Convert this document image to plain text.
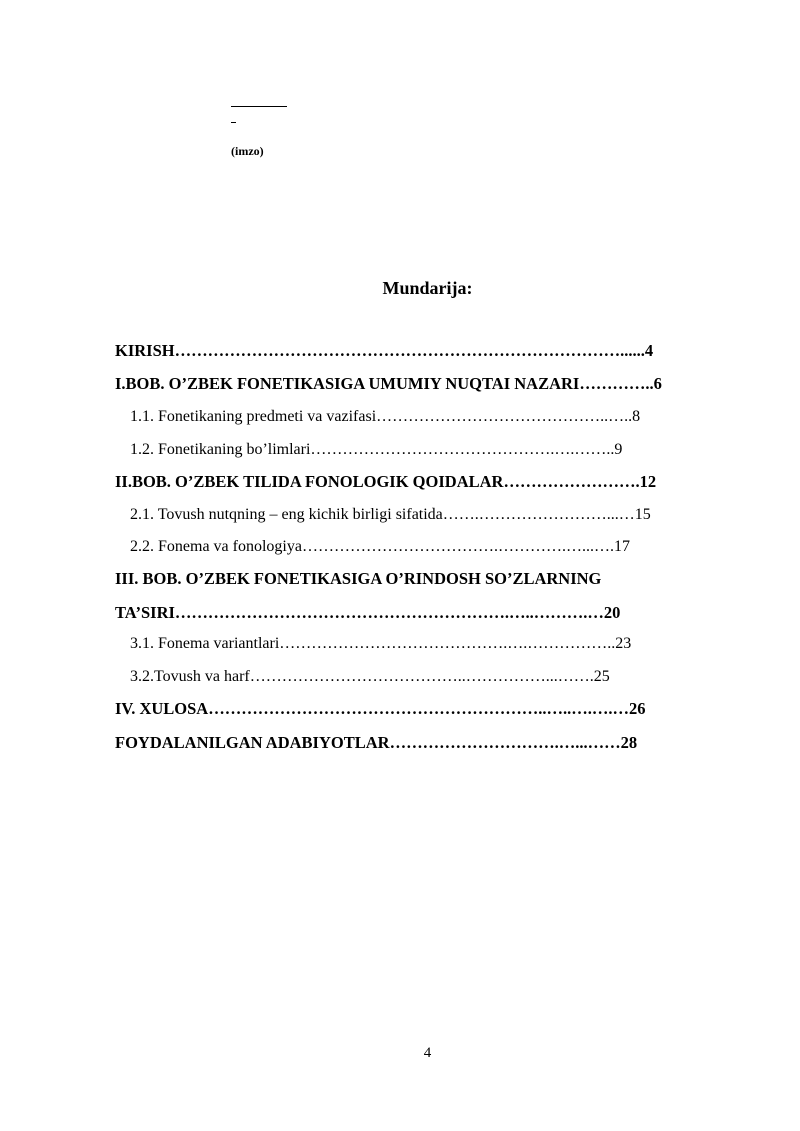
(imzo)
Mundarija:
KIRISH………………………………………………………………………......4
I.BOB. O’ZBEK FONETIKASIGA UMUMIY NUQTAI NAZARI…………..6
1.1. Fonetikaning predmeti va vazifasi……………………………………..…..8
1.2. Fonetikaning bo’limlari……………………………………….….……..9
II.BOB. O’ZBEK TILIDA FONOLOGIK QOIDALAR…………………….12
2.1. Tovush nutqning – eng kichik birligi sifatida…….……………………...…15
2.2. Fonema va fonologiya……………………………….………….…...….17
III. BOB. O’ZBEK FONETIKASIGA O’RINDOSH SO’ZLARNING
TA’SIRI…………………………………………………….…..……….…20
3.1. Fonema variantlari…………………………………….….……………..23
3.2.Tovush va harf…………………………………..……………...…….25
IV. XULOSA……………………………………………………..…..….….…26
FOYDALANILGAN ADABIYOTLAR………………………….…...……28
4
